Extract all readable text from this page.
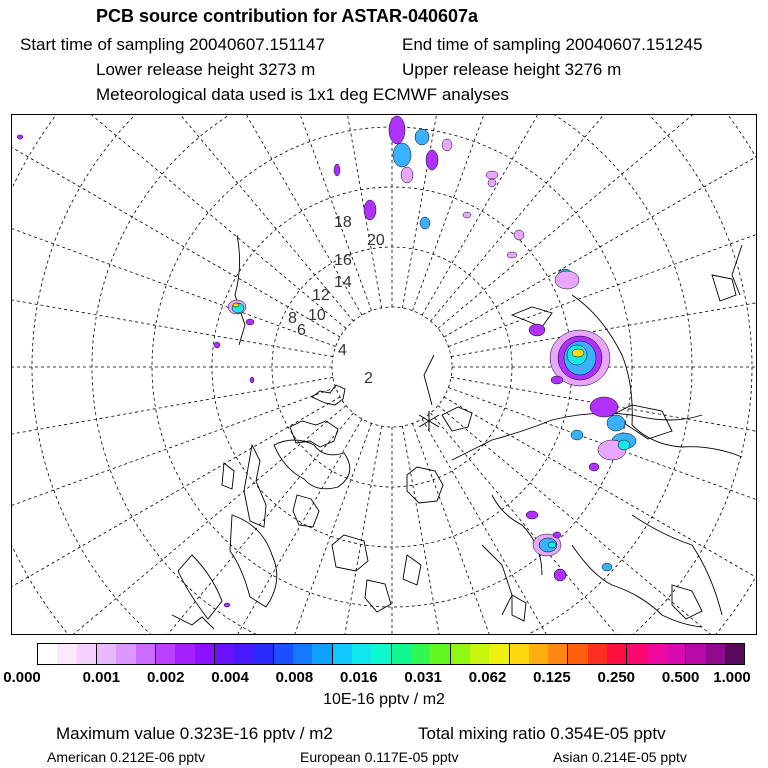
PCB source contribution for ASTAR-040607a
Start time of sampling 20040607.151147	End time of sampling 20040607.151245
Lower release height 3273 m	Upper release height 3276 m
Meteorological data used is 1x1 deg ECMWF analyses
18
20
16
14
12
10
8
6
4
2
0.000	0.001 0.002 0.004 0.008 0.016 0.031 0.062 0.125 0.250 0.500 1.000
10E-16 pptv / m2
Maximum value 0.323E-16 pptv / m2	Total mixing ratio 0.354E-05 pptv
American 0.212E-06 pptv	European 0.117E-05 pptv	Asian 0.214E-05 pptv
